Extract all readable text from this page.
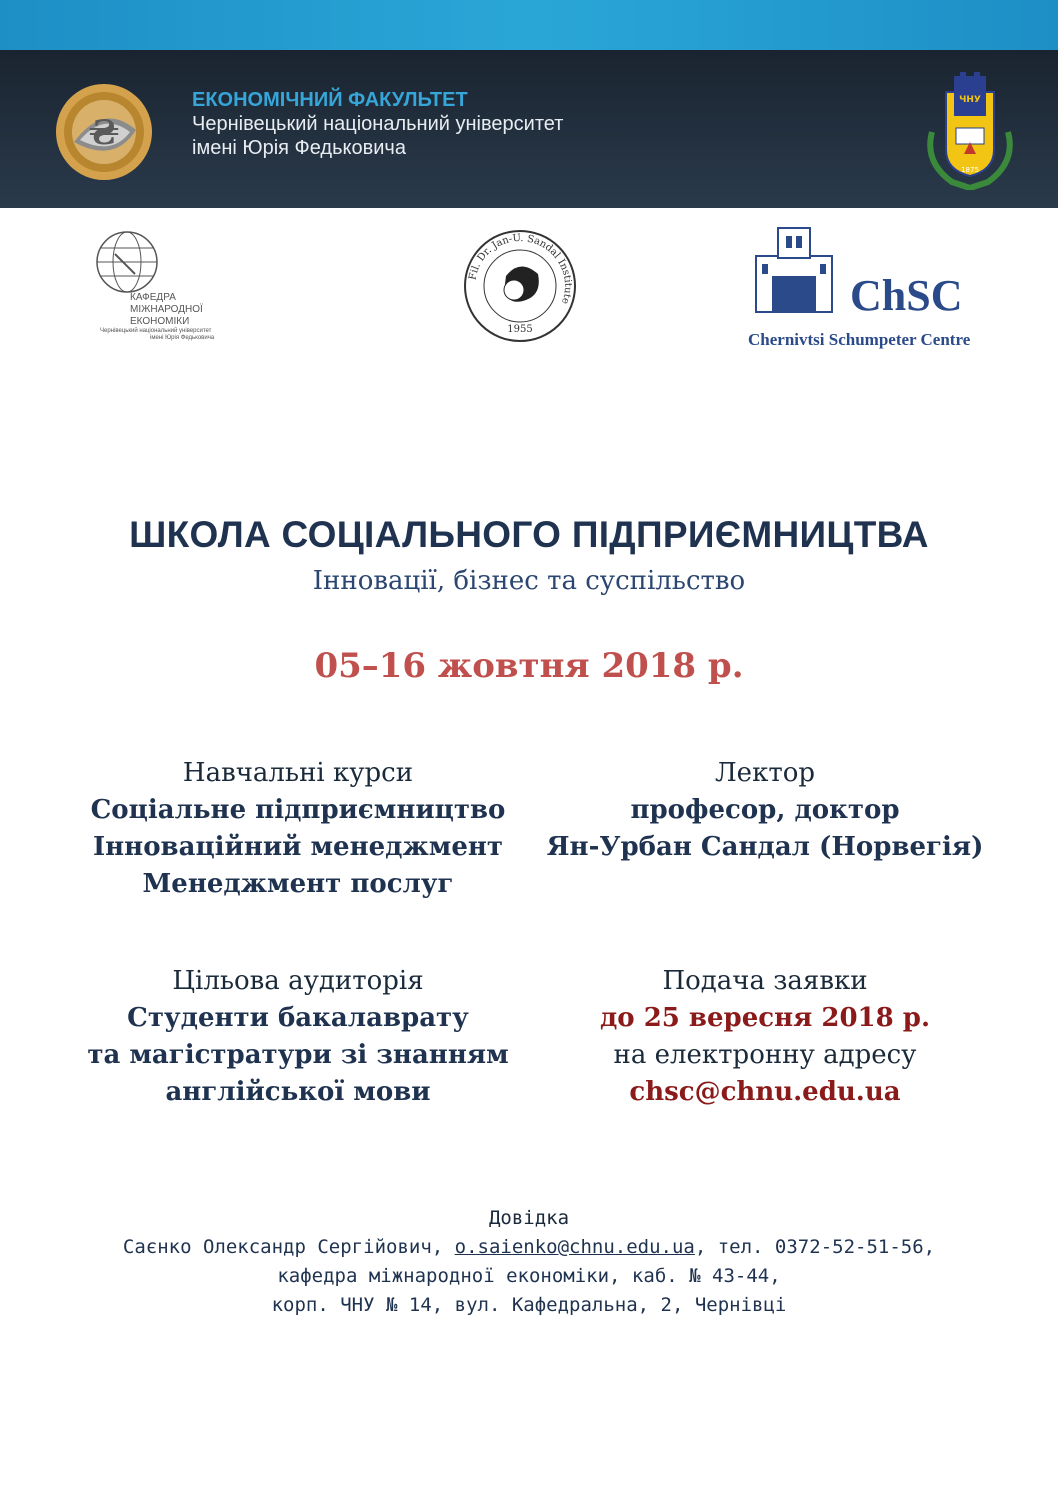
₴
ЕКОНОМІЧНИЙ ФАКУЛЬТЕТ
Чернівецький національний університет
імені Юрія Федьковича
ЧНУ
1875
КАФЕДРА
МІЖНАРОДНОЇ
ЕКОНОМІКИ
Чернівецький національний університет
імені Юрія Федьковича
Fil. Dr. Jan-U. Sandal Institute
1955
ChSC
Chernivtsi Schumpeter Centre
ШКОЛА СОЦІАЛЬНОГО ПІДПРИЄМНИЦТВА
Інновації, бізнес та суспільство
05–16 жовтня 2018 р.
Навчальні курси
Соціальне підприємництво
Інноваційний менеджмент
Менеджмент послуг
Лектор
професор, доктор
Ян-Урбан Сандал (Норвегія)
Цільова аудиторія
Студенти бакалаврату
та магістратури зі знанням
англійської мови
Подача заявки
до 25 вересня 2018 р.
на електронну адресу
chsc@chnu.edu.ua
Довідка
Саєнко Олександр Сергійович, o.saienko@chnu.edu.ua, тел. 0372-52-51-56,
кафедра міжнародної економіки, каб. № 43-44,
корп. ЧНУ № 14, вул. Кафедральна, 2, Чернівці
